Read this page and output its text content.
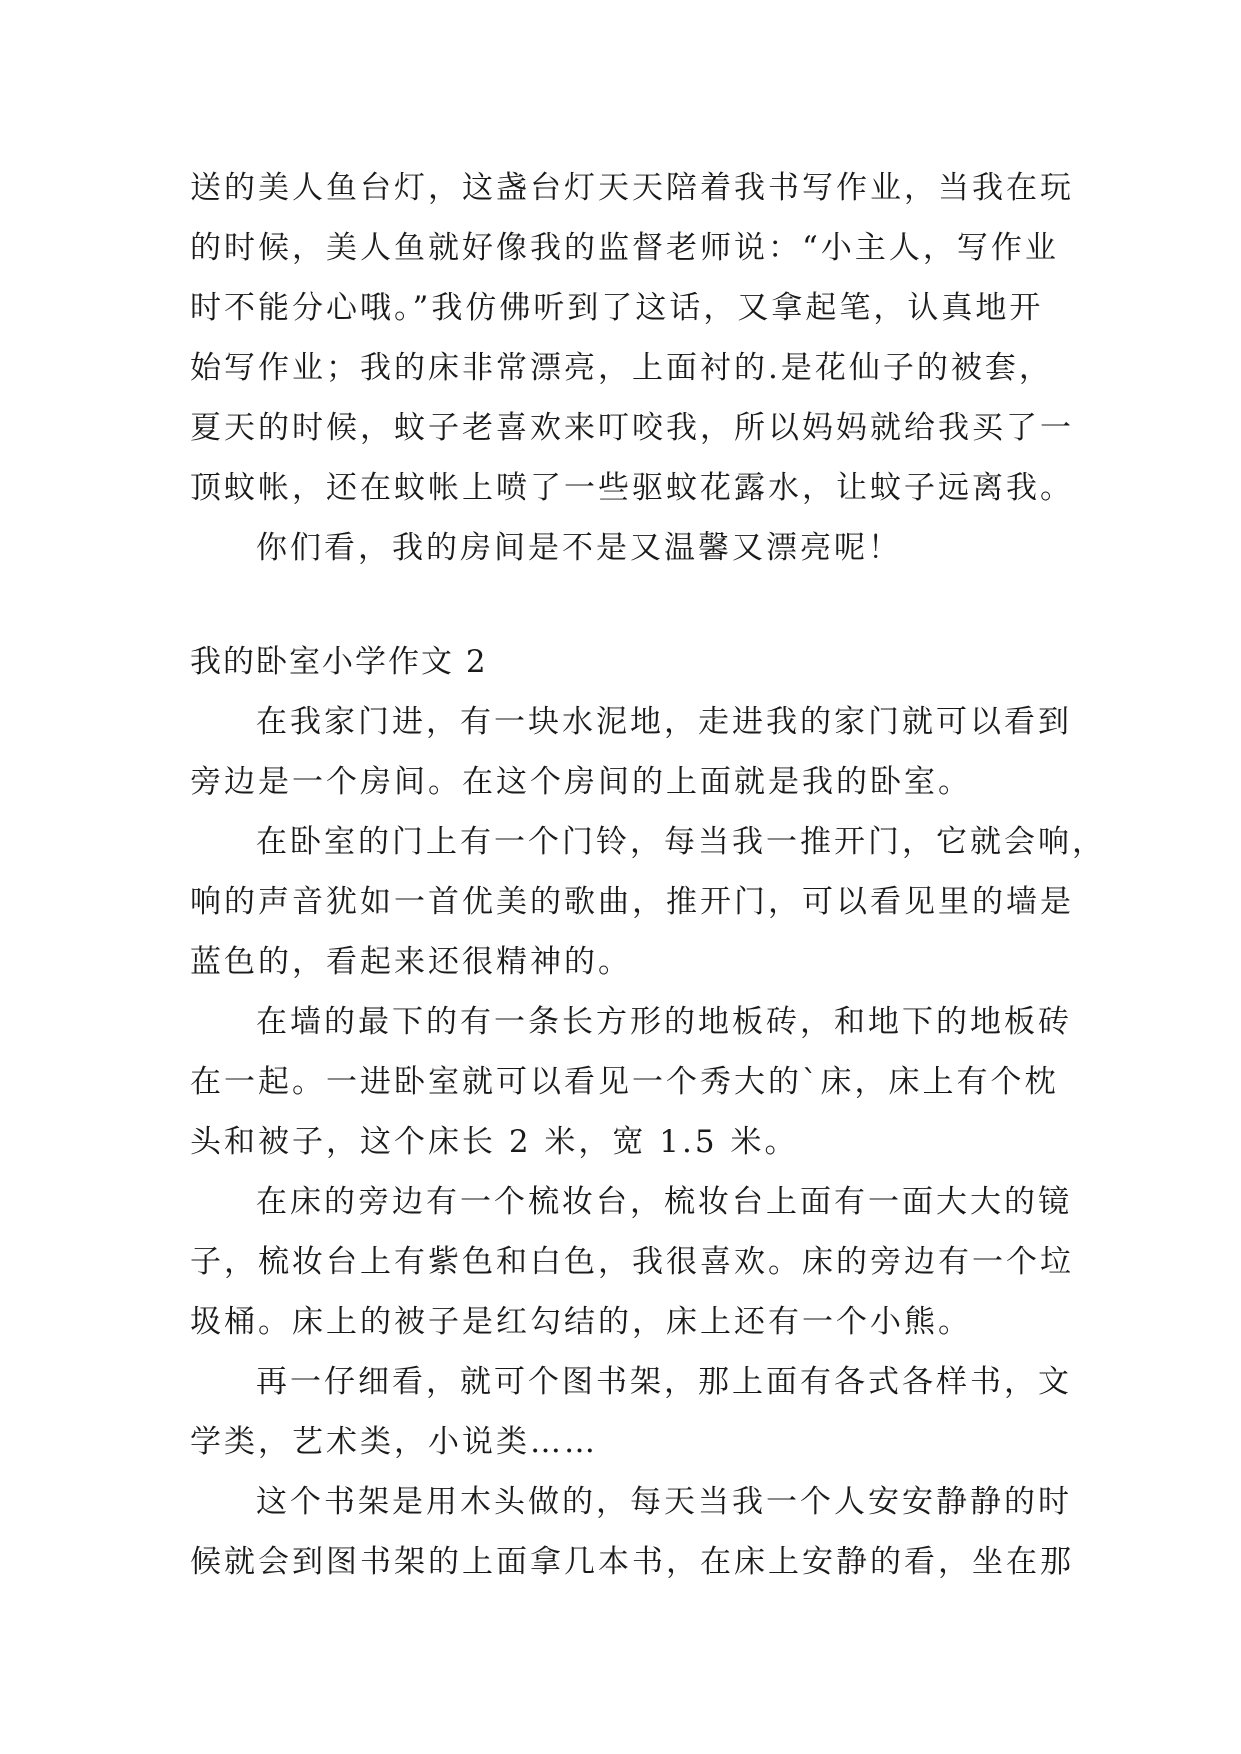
送的美人鱼台灯，这盏台灯天天陪着我书写作业，当我在玩
的时候，美人鱼就好像我的监督老师说：“小主人，写作业
时不能分心哦。”我仿佛听到了这话，又拿起笔，认真地开
始写作业；我的床非常漂亮，上面衬的.是花仙子的被套，
夏天的时候，蚊子老喜欢来叮咬我，所以妈妈就给我买了一
顶蚊帐，还在蚊帐上喷了一些驱蚊花露水，让蚊子远离我。
你们看，我的房间是不是又温馨又漂亮呢！
我的卧室小学作文 2
在我家门进，有一块水泥地，走进我的家门就可以看到
旁边是一个房间。在这个房间的上面就是我的卧室。
在卧室的门上有一个门铃，每当我一推开门，它就会响，
响的声音犹如一首优美的歌曲，推开门，可以看见里的墙是
蓝色的，看起来还很精神的。
在墙的最下的有一条长方形的地板砖，和地下的地板砖
在一起。一进卧室就可以看见一个秀大的`床，床上有个枕
头和被子，这个床长 2 米，宽 1.5 米。
在床的旁边有一个梳妆台，梳妆台上面有一面大大的镜
子，梳妆台上有紫色和白色，我很喜欢。床的旁边有一个垃
圾桶。床上的被子是红勾结的，床上还有一个小熊。
再一仔细看，就可个图书架，那上面有各式各样书，文
学类，艺术类，小说类……
这个书架是用木头做的，每天当我一个人安安静静的时
候就会到图书架的上面拿几本书，在床上安静的看，坐在那
